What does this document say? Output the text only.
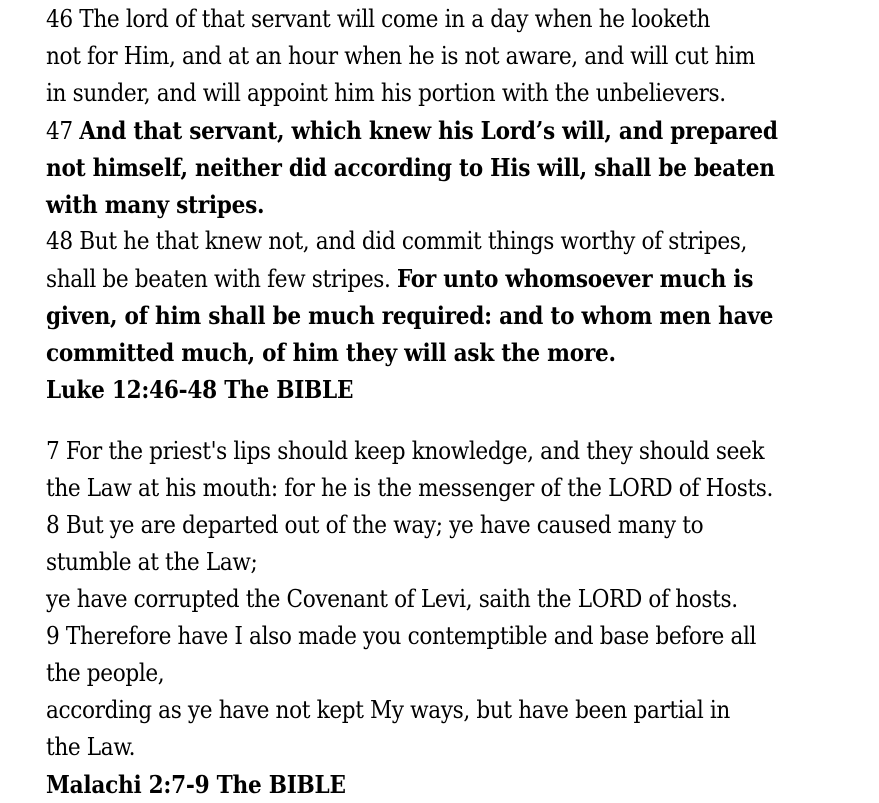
46 The lord of that servant will come in a day when he looketh
not for Him, and at an hour when he is not aware, and will cut him
in sunder, and will appoint him his portion with the unbelievers.
47 And that servant, which knew his Lord’s will, and prepared
not himself, neither did according to His will, shall be beaten
with many stripes.
48 But he that knew not, and did commit things worthy of stripes,
shall be beaten with few stripes. For unto whomsoever much is
given, of him shall be much required: and to whom men have
committed much, of him they will ask the more.
Luke 12:46-48 The BIBLE
7 For the priest's lips should keep knowledge, and they should seek
the Law at his mouth: for he is the messenger of the LORD of Hosts.
8 But ye are departed out of the way; ye have caused many to
stumble at the Law;
ye have corrupted the Covenant of Levi, saith the LORD of hosts.
9 Therefore have I also made you contemptible and base before all
the people,
according as ye have not kept My ways, but have been partial in
the Law.
Malachi 2:7-9 The BIBLE
